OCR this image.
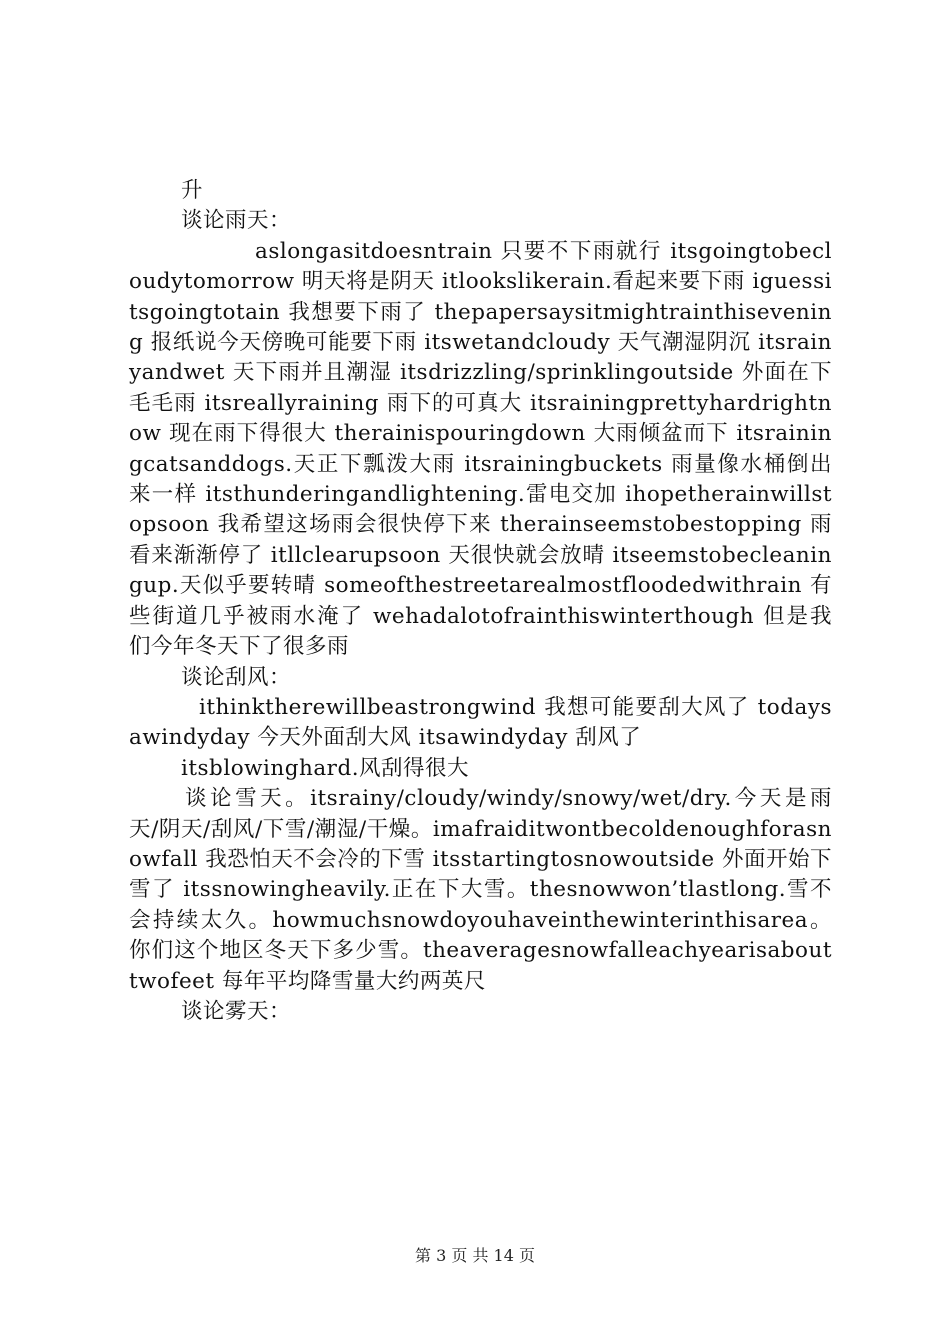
升

谈论雨天：

aslongasitdoesntrain 只要不下雨就行 itsgoingtobecloudytomorrow 明天将是阴天 itlookslikerain.看起来要下雨 iguessitsgoingtotain 我想要下雨了 thepapersaysitmightrainthisevening 报纸说今天傍晚可能要下雨 itswetandcloudy 天气潮湿阴沉 itsrainyandwet 天下雨并且潮湿 itsdrizzling/sprinklingoutside 外面在下毛毛雨 itsreallyraining 雨下的可真大 itsrainingprettyhardrightnow 现在雨下得很大 therainispouringdown 大雨倾盆而下 itsrainingcatsanddogs.天正下瓢泼大雨 itsrainingbuckets 雨量像水桶倒出来一样 itsthunderingandlightening.雷电交加 ihopetherainwillstopsoon 我希望这场雨会很快停下来 therainseemstobestopping 雨看来渐渐停了 itllclearupsoon 天很快就会放晴 itseemstobecleaningup.天似乎要转晴 someofthestreetarealmostfloodedwithrain 有些街道几乎被雨水淹了 wehadalotofrainthiswinterthough 但是我们今年冬天下了很多雨

谈论刮风：

ithinktherewillbeastrongwind 我想可能要刮大风了 todaysawindyday 今天外面刮大风 itsawindyday 刮风了

itsblowinghard.风刮得很大

谈论雪天。itsrainy/cloudy/windy/snowy/wet/dry.今天是雨天/阴天/刮风/下雪/潮湿/干燥。imafraiditwontbecoldenoughforasnowfall 我恐怕天不会冷的下雪 itsstartingtosnowoutside 外面开始下雪了 itssnowingheavily.正在下大雪。thesnowwon’tlastlong.雪不会持续太久。howmuchsnowdoyouhaveinthewinterinthisarea。你们这个地区冬天下多少雪。theaveragesnowfalleachyearisabouttwofeet 每年平均降雪量大约两英尺

谈论雾天：

第 3 页 共 14 页
